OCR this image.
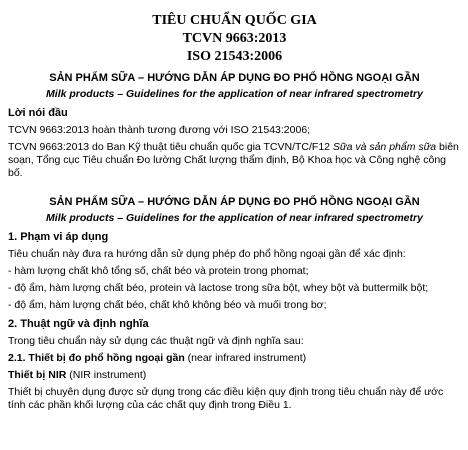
TIÊU CHUẨN QUỐC GIA
TCVN 9663:2013
ISO 21543:2006
SẢN PHẨM SỮA – HƯỚNG DẪN ÁP DỤNG ĐO PHỔ HỒNG NGOẠI GẦN
Milk products – Guidelines for the application of near infrared spectrometry
Lời nói đầu
TCVN 9663:2013 hoàn thành tương đương với ISO 21543:2006;
TCVN 9663:2013 do Ban Kỹ thuật tiêu chuẩn quốc gia TCVN/TC/F12 Sữa và sản phẩm sữa biên soạn, Tổng cục Tiêu chuẩn Đo lường Chất lượng thẩm định, Bộ Khoa học và Công nghệ công bố.
SẢN PHẨM SỮA – HƯỚNG DẪN ÁP DỤNG ĐO PHỔ HỒNG NGOẠI GẦN
Milk products – Guidelines for the application of near infrared spectrometry
1. Phạm vi áp dụng
Tiêu chuẩn này đưa ra hướng dẫn sử dụng phép đo phổ hồng ngoại gần để xác định:
- hàm lượng chất khô tổng số, chất béo và protein trong phomat;
- độ ẩm, hàm lượng chất béo, protein và lactose trong sữa bột, whey bột và buttermilk bột;
- độ ẩm, hàm lượng chất béo, chất khô không béo và muối trong bơ;
2. Thuật ngữ và định nghĩa
Trong tiêu chuẩn này sử dụng các thuật ngữ và định nghĩa sau:
2.1. Thiết bị đo phổ hồng ngoại gần (near infrared instrument)
Thiết bị NIR (NIR instrument)
Thiết bị chuyên dụng được sử dụng trong các điều kiện quy định trong tiêu chuẩn này để ước tính các phần khối lượng của các chất quy định trong Điều 1.
